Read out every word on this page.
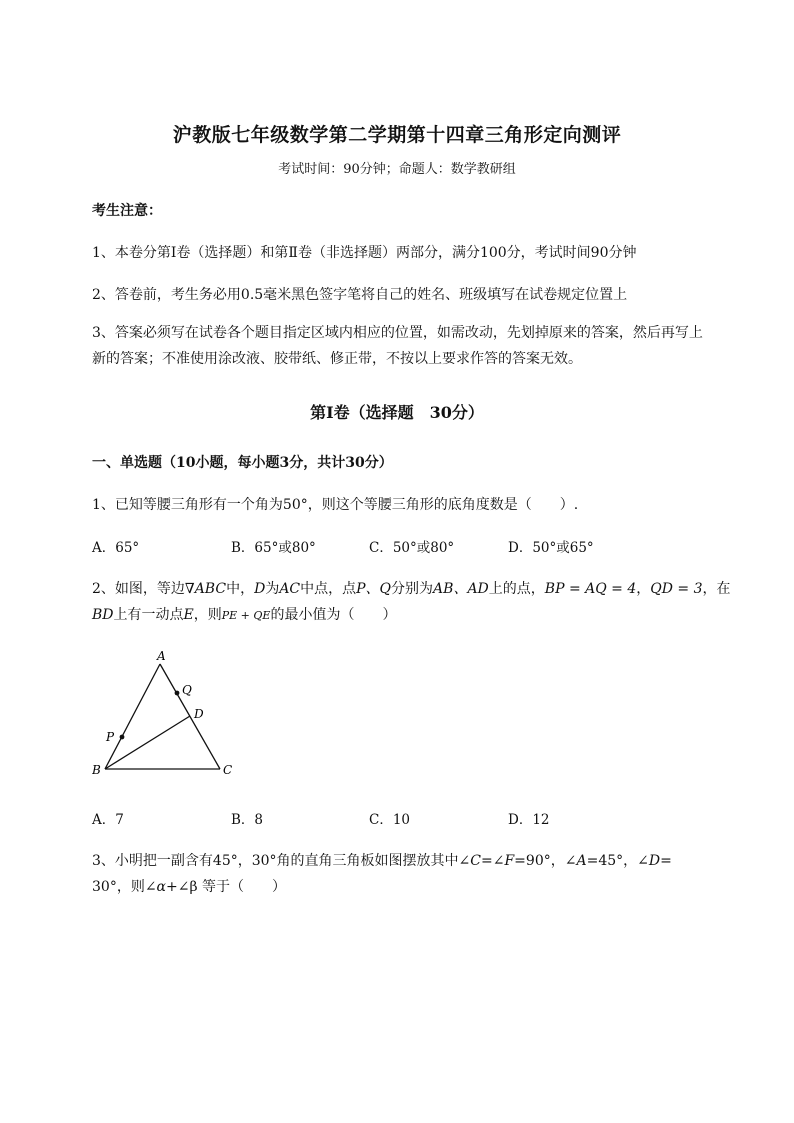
沪教版七年级数学第二学期第十四章三角形定向测评
考试时间：90分钟；命题人：数学教研组
考生注意：
1、本卷分第Ⅰ卷（选择题）和第Ⅱ卷（非选择题）两部分，满分100分，考试时间90分钟
2、答卷前，考生务必用0.5毫米黑色签字笔将自己的姓名、班级填写在试卷规定位置上
3、答案必须写在试卷各个题目指定区域内相应的位置，如需改动，先划掉原来的答案，然后再写上新的答案；不准使用涂改液、胶带纸、修正带，不按以上要求作答的答案无效。
第Ⅰ卷（选择题　30分）
一、单选题（10小题，每小题3分，共计30分）
1、已知等腰三角形有一个角为50°，则这个等腰三角形的底角度数是（　　）.
A．65°	B．65°或80°	C．50°或80°	D．50°或65°
2、如图，等边∇ABC中，D为AC中点，点P、Q分别为AB、AD上的点，BP = AQ = 4，QD = 3，在
BD上有一动点E，则PE + QE的最小值为（　　）
A
B	C
D
P
Q
A．7	B．8	C．10	D．12
3、小明把一副含有45°，30°角的直角三角板如图摆放其中∠C=∠F=90°，∠A=45°，∠D=
30°，则∠α+∠β 等于（　　）
